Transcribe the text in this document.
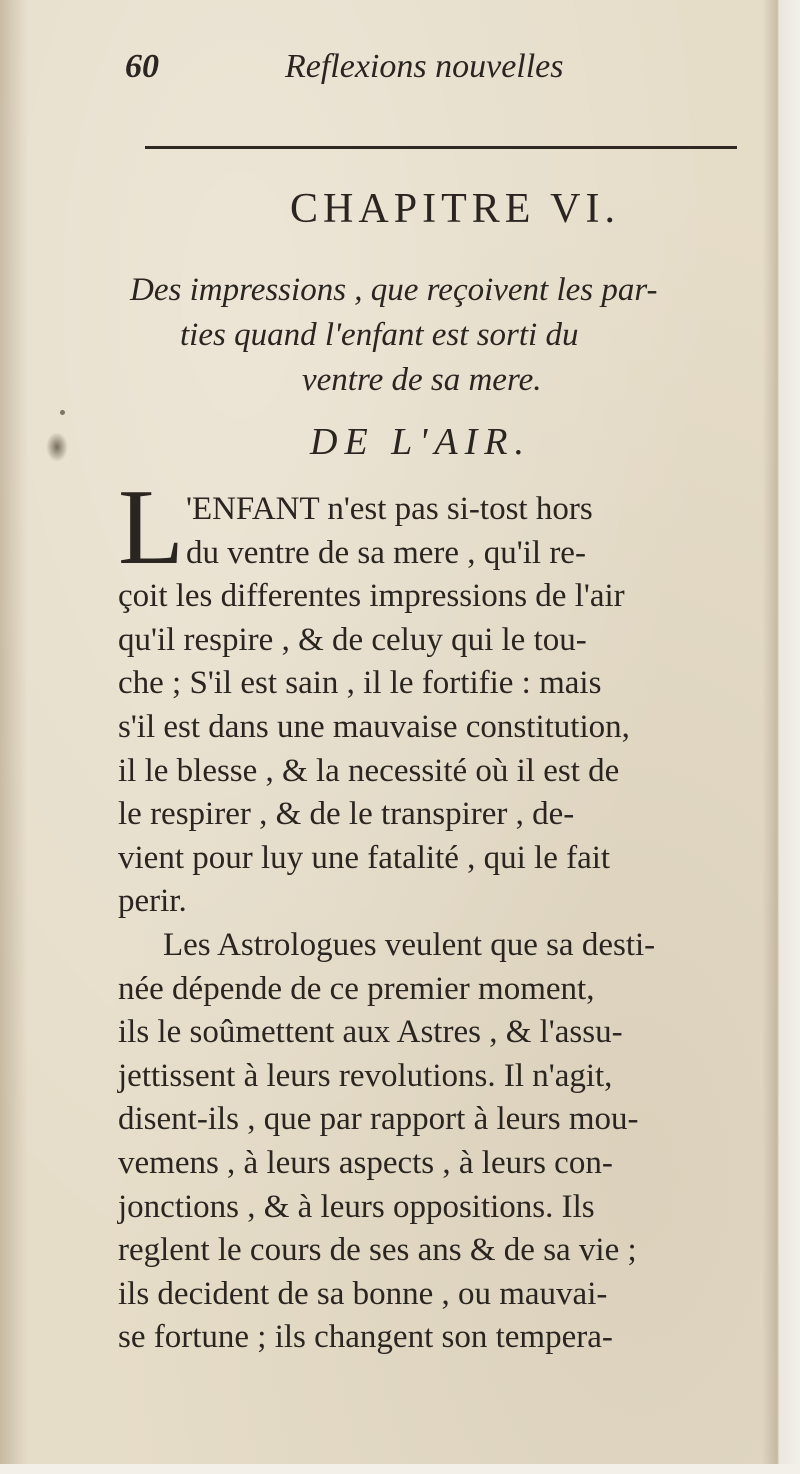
60	Reflexions nouvelles
CHAPITRE VI.
Des impressions , que reçoivent les par-
ties quand l'enfant est sorti du
ventre de sa mere.
DE L'AIR.
L 'ENFANT n'est pas si-tost hors
du ventre de sa mere , qu'il re-
çoit les differentes impressions de l'air
qu'il respire , & de celuy qui le tou-
che ; S'il est sain , il le fortifie : mais
s'il est dans une mauvaise constitution,
il le blesse , & la necessité où il est de
le respirer , & de le transpirer , de-
vient pour luy une fatalité , qui le fait
perir.
Les Astrologues veulent que sa desti-
née dépende de ce premier moment,
ils le soûmettent aux Astres , & l'assu-
jettissent à leurs revolutions. Il n'agit,
disent-ils , que par rapport à leurs mou-
vemens , à leurs aspects , à leurs con-
jonctions , & à leurs oppositions. Ils
reglent le cours de ses ans & de sa vie ;
ils decident de sa bonne , ou mauvai-
se fortune ; ils changent son tempera-
